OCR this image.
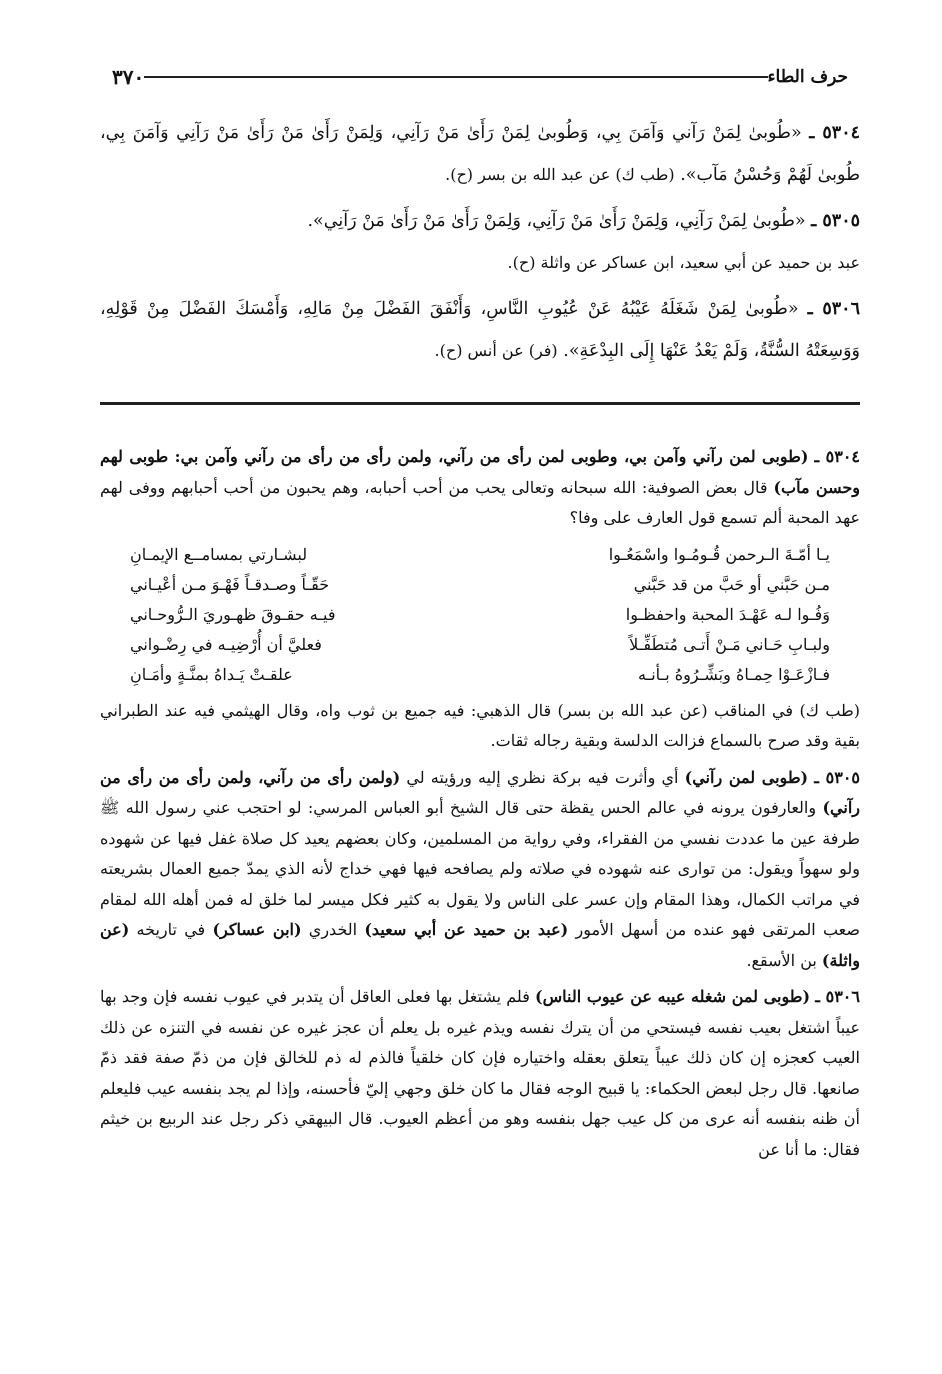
حرف الطاء
٣٧٠

٥٣٠٤ ـ «طُوبىٰ لِمَنْ رَآني وَآمَنَ بِي، وَطُوبىٰ لِمَنْ رَأَىٰ مَنْ رَآنِي، وَلِمَنْ رَأَىٰ مَنْ رَأَىٰ مَنْ رَآنِي وَآمَنَ بِي، طُوبىٰ لَهُمْ وَحُسْنُ مَآب». (طب ك) عن عبد الله بن بسر (ح).

٥٣٠٥ ـ «طُوبىٰ لِمَنْ رَآنِي، وَلِمَنْ رَأَىٰ مَنْ رَآنِي، وَلِمَنْ رَأَىٰ مَنْ رَأَىٰ مَنْ رَآنِي».
عبد بن حميد عن أبي سعيد، ابن عساكر عن واثلة (ح).

٥٣٠٦ ـ «طُوبىٰ لِمَنْ شَغَلَهُ عَيْبُهُ عَنْ عُيُوبِ النَّاسِ، وَأَنْفَقَ الفَضْلَ مِنْ مَالِهِ، وَأَمْسَكَ الفَضْلَ مِنْ قَوْلِهِ، وَوَسِعَتْهُ السُّنَّةُ، وَلَمْ يَعْدُ عَنْهَا إِلَى البِدْعَةِ». (فر) عن أنس (ح).

٥٣٠٤ ـ (طوبى لمن رآني وآمن بي، وطوبى لمن رأى من رآني، ولمن رأى من رأى من رآني وآمن بي: طوبى لهم وحسن مآب) قال بعض الصوفية: الله سبحانه وتعالى يحب من أحب أحبابه، وهم يحبون من أحب أحبابهم ووفى لهم عهد المحبة ألم تسمع قول العارف على وفا؟

يـا أمّـةَ الـرحمن قُـومُـوا واسْمَعُـوا
لبشـارتي بمسامــع الإيمـانِ
مـن حَبَّني أو حَبَّ من قد حَبَّني
حَقّـاً وصـدقـاً فَهْـوَ مـن أعْيـاني
وَفُـوا لـه عَهْـدَ المحبة واحفظـوا
فيـه حقـوقَ ظهـوريَ الـرُّوحـاني
ولبـابِ حَـاني مَـنْ أَتـى مُتطَفِّـلاً
فعليَّ أن أُرْضِيـه في رِضْـواني
فـازْعَـوْا حِمـاهُ وبَشِّـرُوهُ بـأنـه
علقـتْ يَـداهُ بمنَّـةٍ وأمَـانِ

(طب ك) في المناقب (عن عبد الله بن بسر) قال الذهبي: فيه جميع بن ثوب واه، وقال الهيثمي فيه عند الطبراني بقية وقد صرح بالسماع فزالت الدلسة وبقية رجاله ثقات.

٥٣٠٥ ـ (طوبى لمن رآني) أي وأثرت فيه بركة نظري إليه ورؤيته لي (ولمن رأى من رآني، ولمن رأى من رأى من رآني) والعارفون يرونه في عالم الحس يقظة حتى قال الشيخ أبو العباس المرسي: لو احتجب عني رسول الله ﷺ طرفة عين ما عددت نفسي من الفقراء، وفي رواية من المسلمين، وكان بعضهم يعيد كل صلاة غفل فيها عن شهوده ولو سهواً ويقول: من توارى عنه شهوده في صلاته ولم يصافحه فيها فهي خداج لأنه الذي يمدّ جميع العمال بشريعته في مراتب الكمال، وهذا المقام وإن عسر على الناس ولا يقول به كثير فكل ميسر لما خلق له فمن أهله الله لمقام صعب المرتقى فهو عنده من أسهل الأمور (عبد بن حميد عن أبي سعيد) الخدري (ابن عساكر) في تاريخه (عن واثلة) بن الأسقع.

٥٣٠٦ ـ (طوبى لمن شغله عيبه عن عيوب الناس) فلم يشتغل بها فعلى العاقل أن يتدبر في عيوب نفسه فإن وجد بها عيباً اشتغل بعيب نفسه فيستحي من أن يترك نفسه ويذم غيره بل يعلم أن عجز غيره عن نفسه في التنزه عن ذلك العيب كعجزه إن كان ذلك عيباً يتعلق بعقله واختياره فإن كان خلقياً فالذم له ذم للخالق فإن من ذمّ صفة فقد ذمّ صانعها. قال رجل لبعض الحكماء: يا قبيح الوجه فقال ما كان خلق وجهي إليّ فأحسنه، وإذا لم يجد بنفسه عيب فليعلم أن ظنه بنفسه أنه عرى من كل عيب جهل بنفسه وهو من أعظم العيوب. قال البيهقي ذكر رجل عند الربيع بن خيثم فقال: ما أنا عن
